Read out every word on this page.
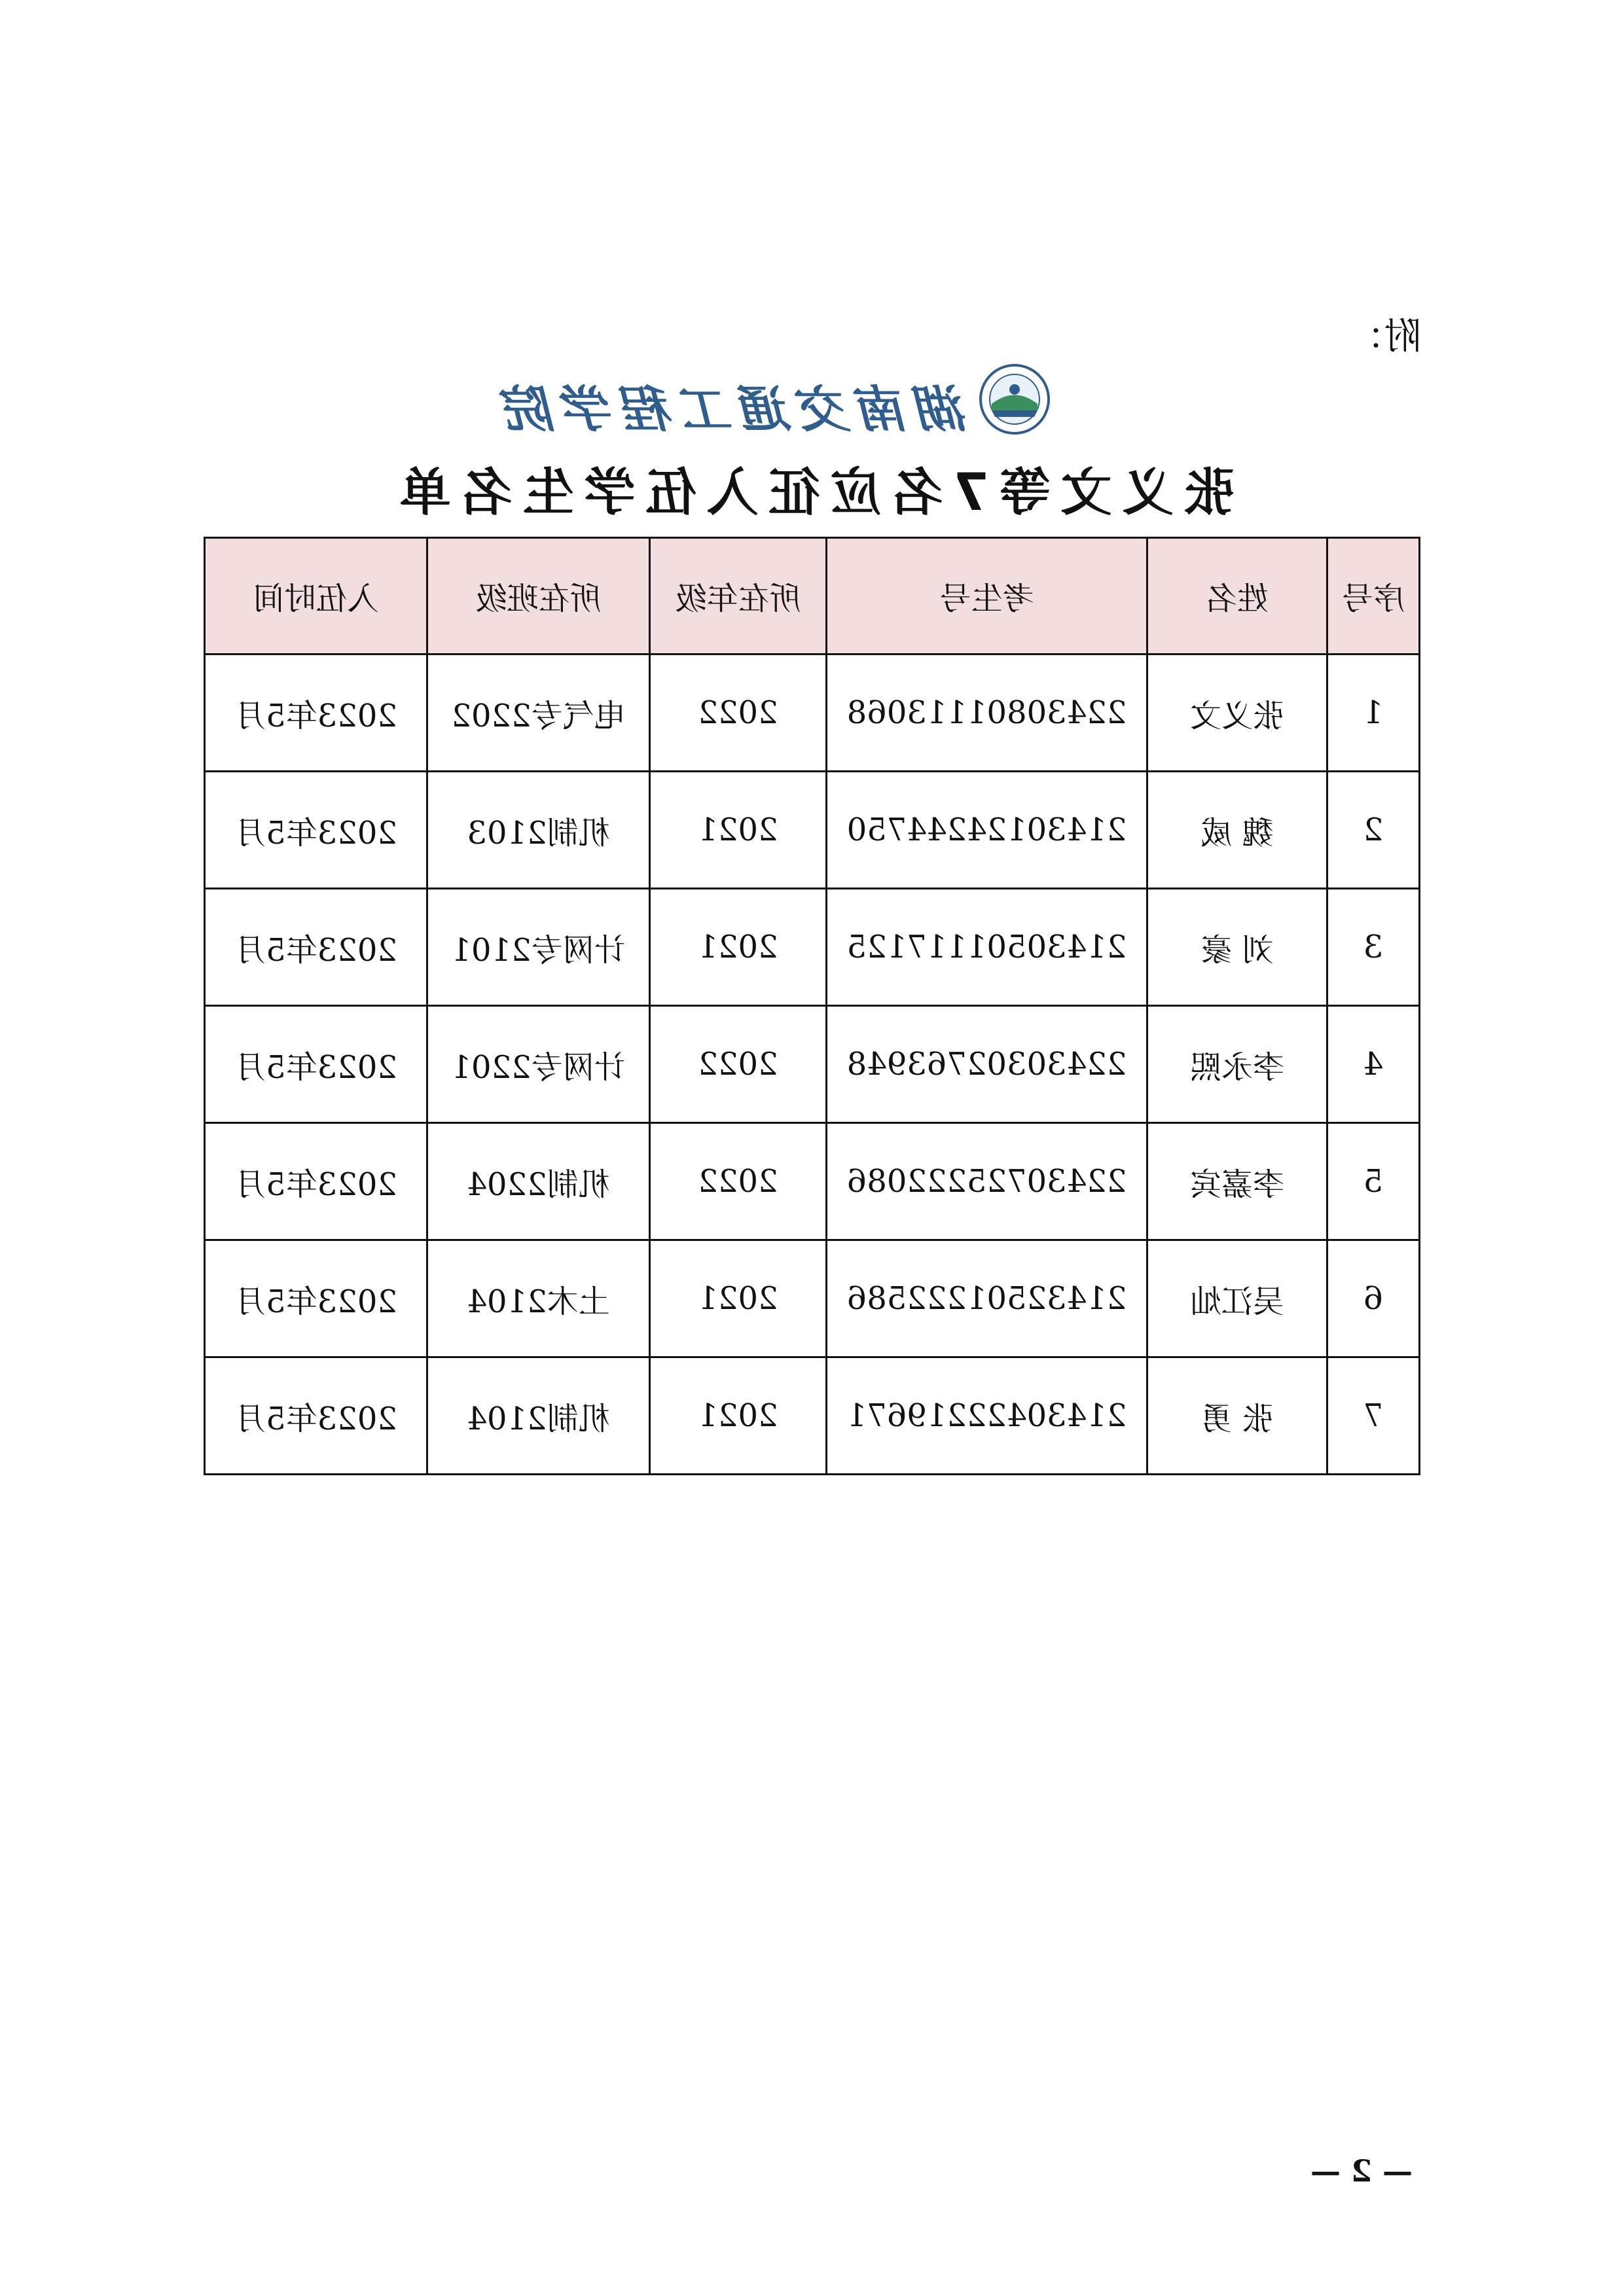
附：
湖南交通工程学院
张义文等7名应征入伍学生名单
入伍时间	所在班级	所在年级	考生号	姓名	序号

2023年5月	电气专2202	2022	22430801113068	张义文	1

2023年5月	机制2103	2021	21430124244750	魏 威	2

2023年5月	计网专2101	2021	21430501117125	刘 豪	3

2023年5月	计网专2201	2022	22430302763948	李永熙	4

2023年5月	机制2204	2022	22430725222086	李嘉宾	5

2023年5月	土木2104	2021	21432501222586	吴江灿	6

2023年5月	机制2104	2021	21430422219671	张 勇	7
— 2 —
